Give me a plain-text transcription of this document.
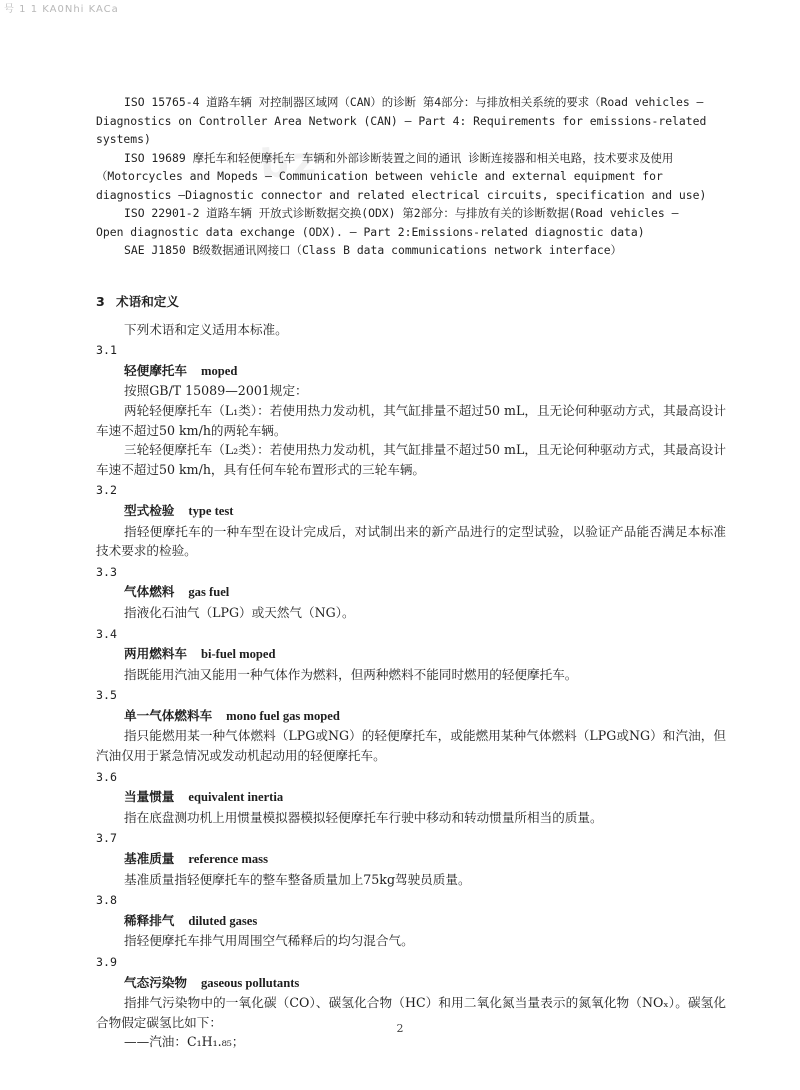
号 1 1 KA0Nhi KACa
bz

ISO 15765-4 道路车辆 对控制器区域网（CAN）的诊断 第4部分：与排放相关系统的要求（Road vehicles — Diagnostics on Controller Area Network (CAN) — Part 4: Requirements for emissions-related systems)

ISO 19689 摩托车和轻便摩托车 车辆和外部诊断装置之间的通讯 诊断连接器和相关电路，技术要求及使用（Motorcycles and Mopeds — Communication between vehicle and external equipment for diagnostics —Diagnostic connector and related electrical circuits, specification and use)

ISO 22901-2 道路车辆 开放式诊断数据交换(ODX) 第2部分：与排放有关的诊断数据(Road vehicles — Open diagnostic data exchange (ODX). — Part 2:Emissions-related diagnostic data)

SAE J1850 B级数据通讯网接口（Class B data communications network interface）

3 术语和定义

下列术语和定义适用本标准。

3.1

轻便摩托车 moped

按照GB/T 15089—2001规定：

两轮轻便摩托车（L₁类）：若使用热力发动机，其气缸排量不超过50 mL，且无论何种驱动方式，其最高设计车速不超过50 km/h的两轮车辆。

三轮轻便摩托车（L₂类）：若使用热力发动机，其气缸排量不超过50 mL，且无论何种驱动方式，其最高设计车速不超过50 km/h，具有任何车轮布置形式的三轮车辆。

3.2

型式检验 type test

指轻便摩托车的一种车型在设计完成后，对试制出来的新产品进行的定型试验，以验证产品能否满足本标准技术要求的检验。

3.3

气体燃料 gas fuel

指液化石油气（LPG）或天然气（NG）。

3.4

两用燃料车 bi-fuel moped

指既能用汽油又能用一种气体作为燃料，但两种燃料不能同时燃用的轻便摩托车。

3.5

单一气体燃料车 mono fuel gas moped

指只能燃用某一种气体燃料（LPG或NG）的轻便摩托车，或能燃用某种气体燃料（LPG或NG）和汽油，但汽油仅用于紧急情况或发动机起动用的轻便摩托车。

3.6

当量惯量 equivalent inertia

指在底盘测功机上用惯量模拟器模拟轻便摩托车行驶中移动和转动惯量所相当的质量。

3.7

基准质量 reference mass

基准质量指轻便摩托车的整车整备质量加上75kg驾驶员质量。

3.8

稀释排气 diluted gases

指轻便摩托车排气用周围空气稀释后的均匀混合气。

3.9

气态污染物 gaseous pollutants

指排气污染物中的一氧化碳（CO）、碳氢化合物（HC）和用二氧化氮当量表示的氮氧化物（NOₓ）。碳氢化合物假定碳氢比如下：

——汽油：C₁H₁.₈₅；

2
